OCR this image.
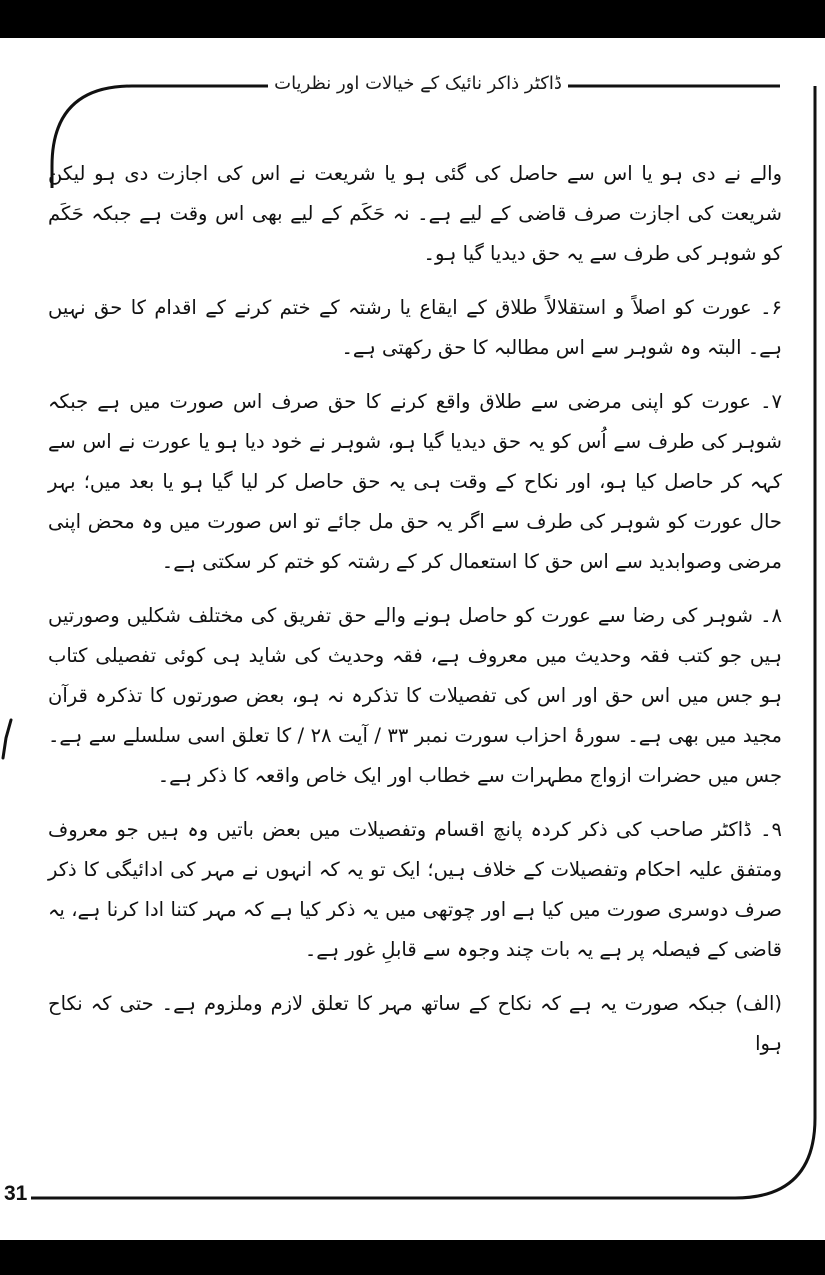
ڈاکٹر ذاکر نائیک کے خیالات اور نظریات

والے نے دی ہو یا اس سے حاصل کی گئی ہو یا شریعت نے اس کی اجازت دی ہو لیکن شریعت کی اجازت صرف قاضی کے لیے ہے۔ نہ حَکَم کے لیے بھی اس وقت ہے جبکہ حَکَم کو شوہر کی طرف سے یہ حق دیدیا گیا ہو۔

۶۔ عورت کو اصلاً و استقلالاً طلاق کے ایقاع یا رشتہ کے ختم کرنے کے اقدام کا حق نہیں ہے۔ البتہ وہ شوہر سے اس مطالبہ کا حق رکھتی ہے۔

۷۔ عورت کو اپنی مرضی سے طلاق واقع کرنے کا حق صرف اس صورت میں ہے جبکہ شوہر کی طرف سے اُس کو یہ حق دیدیا گیا ہو، شوہر نے خود دیا ہو یا عورت نے اس سے کہہ کر حاصل کیا ہو، اور نکاح کے وقت ہی یہ حق حاصل کر لیا گیا ہو یا بعد میں؛ بہر حال عورت کو شوہر کی طرف سے اگر یہ حق مل جائے تو اس صورت میں وہ محض اپنی مرضی وصوابدید سے اس حق کا استعمال کر کے رشتہ کو ختم کر سکتی ہے۔

۸۔ شوہر کی رضا سے عورت کو حاصل ہونے والے حق تفریق کی مختلف شکلیں وصورتیں ہیں جو کتب فقہ وحدیث میں معروف ہے، فقہ وحدیث کی شاید ہی کوئی تفصیلی کتاب ہو جس میں اس حق اور اس کی تفصیلات کا تذکرہ نہ ہو، بعض صورتوں کا تذکرہ قرآن مجید میں بھی ہے۔ سورۂ احزاب سورت نمبر ۳۳ / آیت ۲۸ / کا تعلق اسی سلسلے سے ہے۔ جس میں حضرات ازواج مطہرات سے خطاب اور ایک خاص واقعہ کا ذکر ہے۔

۹۔ ڈاکٹر صاحب کی ذکر کردہ پانچ اقسام وتفصیلات میں بعض باتیں وہ ہیں جو معروف ومتفق علیہ احکام وتفصیلات کے خلاف ہیں؛ ایک تو یہ کہ انہوں نے مہر کی ادائیگی کا ذکر صرف دوسری صورت میں کیا ہے اور چوتھی میں یہ ذکر کیا ہے کہ مہر کتنا ادا کرنا ہے، یہ قاضی کے فیصلہ پر ہے یہ بات چند وجوہ سے قابلِ غور ہے۔

(الف) جبکہ صورت یہ ہے کہ نکاح کے ساتھ مہر کا تعلق لازم وملزوم ہے۔ حتی کہ نکاح ہوا

31
